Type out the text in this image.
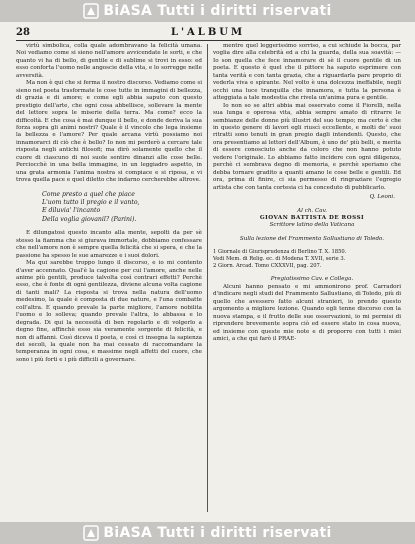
BiASA Tutti i diritti riservati
28	L'ALBUM

virtù simbolica, colla quale adombravano la felicità umana. Noi vediamo come si sieno nell'amore avvicendate le sorti, e che quanto vi ha di bello, di gentile e di sublime si trovi in esso: ed esso conforta l'uomo nelle angoscie della vita, e lo sorregge nelle avversità.

Ma non è qui che si ferma il nostro discorso. Vediamo come si sieno nel poeta trasformate le cose tutte in immagini di bellezza, di grazia e di amore; e come egli abbia saputo con questo prestigio dell'arte, che ogni cosa abbellisce, sollevare la mente del lettore sopra le miserie della terra. Ma come? ecco la difficoltà. E che cosa è mai dunque il bello, e donde deriva la sua forza sopra gli animi nostri? Quale è il vincolo che lega insieme la bellezza e l'amore? Per quale arcana virtù possiamo noi innamorarci di ciò che è bello? Io non mi perderò a cercare tale risposta negli antichi filosofi; ma dirò solamente quello che il cuore di ciascuno di noi suole sentire dinanzi alle cose belle. Perciocchè in una bella immagine, in un leggiadro aspetto, in una grata armonia l'anima nostra si compiace e si riposa, e vi trova quella pace e quel diletto che indarno cercherebbe altrove.

Come presto a quel che piace
L'uom tutto il pregio e il vanto,
E diluvia' l'incanto
Della voglia giovanil? (Parini).

E dilungatosi questo incanto alla mente, sepolti da per sè stesso la fiamma che si giurava immortale, dobbiamo confessare che nell'amore non è sempre quella felicità che si spera, e che la passione ha spesso le sue amarezze e i suoi dolori.

Ma qui sarebbe troppo lungo il discorso, e io mi contento d'aver accennato. Qual'è la cagione per cui l'amore, anche nelle anime più gentili, produce talvolta così contrari effetti? Perchè esso, che è fonte di ogni gentilezza, diviene alcuna volta cagione di tanti mali? La risposta si trova nella natura dell'uomo medesimo, la quale è composta di due nature, e l'una combatte coll'altra. E quando prevale la parte migliore, l'amore nobilita l'uomo e lo solleva; quando prevale l'altra, lo abbassa e lo degrada. Di qui la necessità di ben regolarlo e di volgerlo a degno fine, affinchè esso sia veramente sorgente di felicità, e non di affanni. Così diceva il poeta, e così ci insegna la sapienza dei secoli, la quale non ha mai cessato di raccomandare la temperanza in ogni cosa, e massime negli affetti del cuore, che sono i più forti e i più difficili a governare.

mentre quel leggerissimo sorriso, a cui schiude la bocca, par voglia dire alla celebrità ed a chi la guarda, della sua soavità: — Io son quella che fece innamorare di sè il cuore gentile di un poeta. E questo è quel che il pittore ha saputo esprimere con tanta verità e con tanta grazia, che a riguardarla pare proprio di vederla viva e spirante. Nel volto è una dolcezza ineffabile, negli occhi una luce tranquilla che innamora, e tutta la persona è atteggiata a tale modestia che rivela un'anima pura e gentile.

Io non so se altri abbia mai osservato come il Fiorelli, nella sua lunga e operosa vita, abbia sempre amato di ritrarre le sembianze delle donne più illustri del suo tempo; ma certo è che in questo genere di lavori egli riuscì eccellente, e molti de' suoi ritratti sono tenuti in gran pregio dagli intendenti. Questo, che ora presentiamo ai lettori dell'Album, è uno de' più belli, e merita di essere conosciuto anche da coloro che non hanno potuto vedere l'originale. Lo abbiamo fatto incidere con ogni diligenza, perchè ci sembrava degno di memoria, e perchè speriamo che debba tornare gradito a quanti amano le cose belle e gentili. Ed ora, prima di finire, ci sia permesso di ringraziare l'egregio artista che con tanta cortesia ci ha conceduto di pubblicarlo.

Q. Leoni.

Al ch. Cav.

GIOVAN BATTISTA DE ROSSI

Scrittore latino della Vaticana

Sulla lezione del Frammento Sollustiano di Toledo.

1 Giornale di Giurisprudenza di Berlino T. X. 1850.
Vedi Mem. di Relig. ec. di Modena T. XVII, serie 3.
2 Giorn. Arcad. Tomo CXXXVII, pag. 207.

Pregiatissimo Cav. e Collega.

Alcuni hanno pensato e mi ammonirono prof. Carradori d'indicare negli studi del Frammento Sallustiano, di Toledo, più di quello che avessero fatto alcuni stranieri, io prendo questo argomento a migliore lezione. Quando egli tenne discorso con la nuova stampa, e il frutto delle sue osservazioni, io mi permisi di riprendere brevemente sopra ciò ed essere stato in cosa nuova, ed insieme con queste mie note e di proporre con tutti i miei amici, a che qui farò il PRAE-

BiASA Tutti i diritti riservati
